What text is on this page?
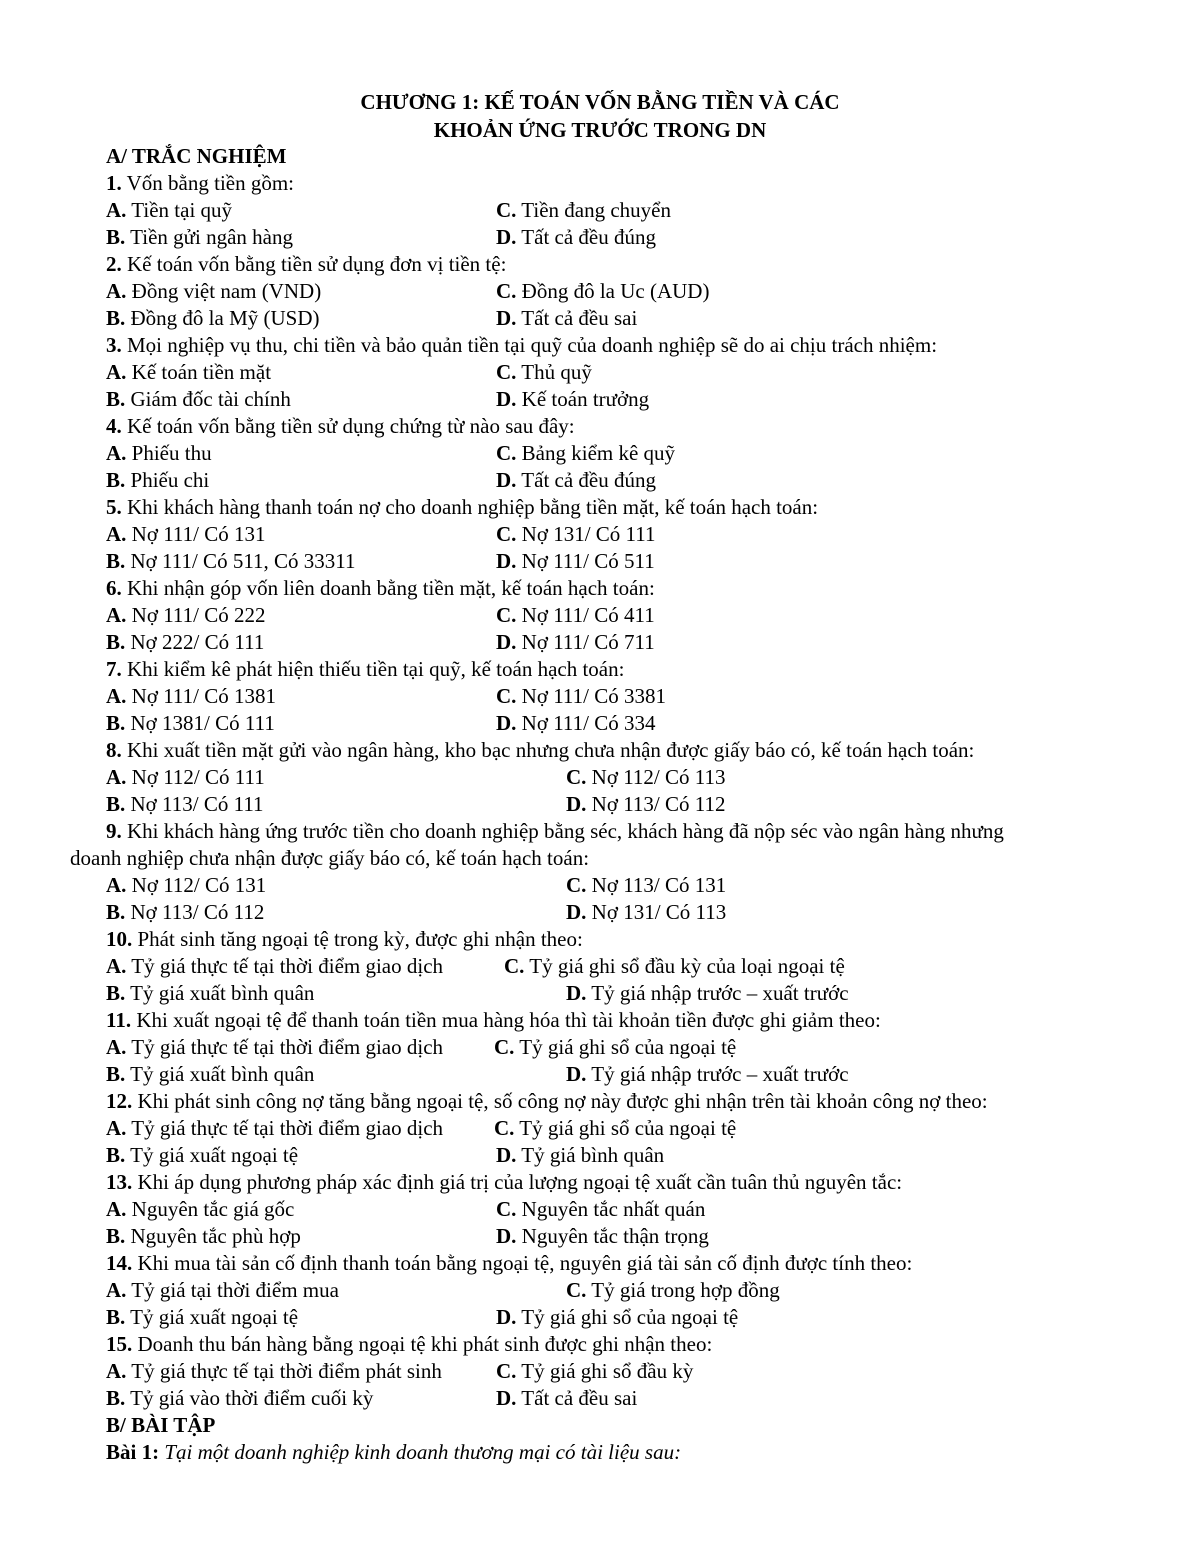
CHƯƠNG 1: KẾ TOÁN VỐN BẰNG TIỀN VÀ CÁC
KHOẢN ỨNG TRƯỚC TRONG DN
A/ TRẮC NGHIỆM
1. Vốn bằng tiền gồm:
A. Tiền tại quỹ	C. Tiền đang chuyển
B. Tiền gửi ngân hàng	D. Tất cả đều đúng
2. Kế toán vốn bằng tiền sử dụng đơn vị tiền tệ:
A. Đồng việt nam (VND)	C. Đồng đô la Uc (AUD)
B. Đồng đô la Mỹ (USD)	D. Tất cả đều sai
3. Mọi nghiệp vụ thu, chi tiền và bảo quản tiền tại quỹ của doanh nghiệp sẽ do ai chịu trách nhiệm:
A. Kế toán tiền mặt	C. Thủ quỹ
B. Giám đốc tài chính	D. Kế toán trưởng
4. Kế toán vốn bằng tiền sử dụng chứng từ nào sau đây:
A. Phiếu thu	C. Bảng kiểm kê quỹ
B. Phiếu chi	D. Tất cả đều đúng
5. Khi khách hàng thanh toán nợ cho doanh nghiệp bằng tiền mặt, kế toán hạch toán:
A. Nợ 111/ Có 131	C. Nợ 131/ Có 111
B. Nợ 111/ Có 511, Có 33311	D. Nợ 111/ Có 511
6. Khi nhận góp vốn liên doanh bằng tiền mặt, kế toán hạch toán:
A. Nợ 111/ Có 222	C. Nợ 111/ Có 411
B. Nợ 222/ Có 111	D. Nợ 111/ Có 711
7. Khi kiểm kê phát hiện thiếu tiền tại quỹ, kế toán hạch toán:
A. Nợ 111/ Có 1381	C. Nợ 111/ Có 3381
B. Nợ 1381/ Có 111	D. Nợ 111/ Có 334
8. Khi xuất tiền mặt gửi vào ngân hàng, kho bạc nhưng chưa nhận được giấy báo có, kế toán hạch toán:
A. Nợ 112/ Có 111	C. Nợ 112/ Có 113
B. Nợ 113/ Có 111	D. Nợ 113/ Có 112
9. Khi khách hàng ứng trước tiền cho doanh nghiệp bằng séc, khách hàng đã nộp séc vào ngân hàng nhưng
doanh nghiệp chưa nhận được giấy báo có, kế toán hạch toán:
A. Nợ 112/ Có 131	C. Nợ 113/ Có 131
B. Nợ 113/ Có 112	D. Nợ 131/ Có 113
10. Phát sinh tăng ngoại tệ trong kỳ, được ghi nhận theo:
A. Tỷ giá thực tế tại thời điểm giao dịch	C. Tỷ giá ghi sổ đầu kỳ của loại ngoại tệ
B. Tỷ giá xuất bình quân	D. Tỷ giá nhập trước – xuất trước
11. Khi xuất ngoại tệ để thanh toán tiền mua hàng hóa thì tài khoản tiền được ghi giảm theo:
A. Tỷ giá thực tế tại thời điểm giao dịch C. Tỷ giá ghi sổ của ngoại tệ
B. Tỷ giá xuất bình quân	D. Tỷ giá nhập trước – xuất trước
12. Khi phát sinh công nợ tăng bằng ngoại tệ, số công nợ này được ghi nhận trên tài khoản công nợ theo:
A. Tỷ giá thực tế tại thời điểm giao dịch C. Tỷ giá ghi sổ của ngoại tệ
B. Tỷ giá xuất ngoại tệ	D. Tỷ giá bình quân
13. Khi áp dụng phương pháp xác định giá trị của lượng ngoại tệ xuất cần tuân thủ nguyên tắc:
A. Nguyên tắc giá gốc	C. Nguyên tắc nhất quán
B. Nguyên tắc phù hợp	D. Nguyên tắc thận trọng
14. Khi mua tài sản cố định thanh toán bằng ngoại tệ, nguyên giá tài sản cố định được tính theo:
A. Tỷ giá tại thời điểm mua	C. Tỷ giá trong hợp đồng
B. Tỷ giá xuất ngoại tệ	D. Tỷ giá ghi sổ của ngoại tệ
15. Doanh thu bán hàng bằng ngoại tệ khi phát sinh được ghi nhận theo:
A. Tỷ giá thực tế tại thời điểm phát sinh	C. Tỷ giá ghi sổ đầu kỳ
B. Tỷ giá vào thời điểm cuối kỳ	D. Tất cả đều sai
B/ BÀI TẬP
Bài 1: Tại một doanh nghiệp kinh doanh thương mại có tài liệu sau:
